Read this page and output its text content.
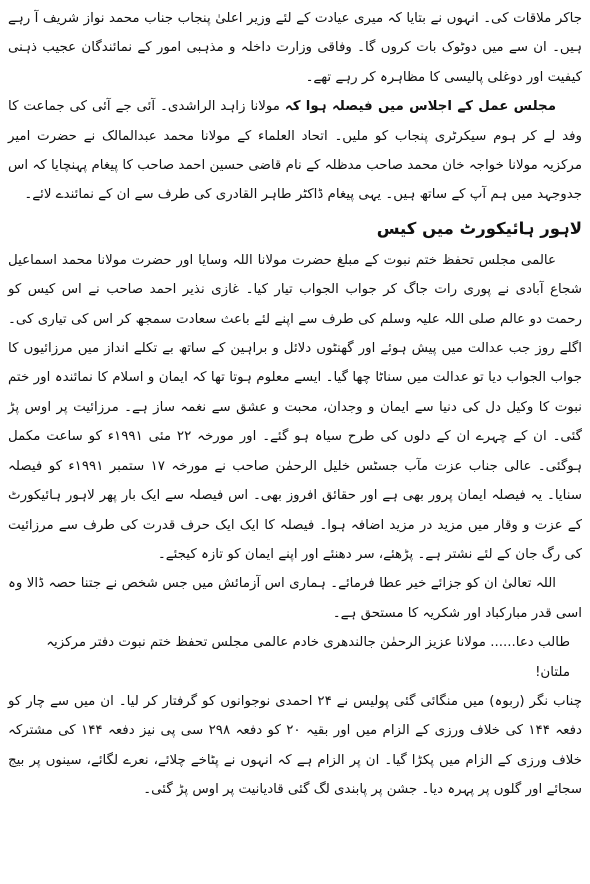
جاکر ملاقات کی۔ انہوں نے بتایا کہ میری عیادت کے لئے وزیر اعلیٰ پنجاب جناب محمد نواز شریف آ رہے ہیں۔ ان سے میں دوٹوک بات کروں گا۔ وفاقی وزارت داخلہ و مذہبی امور کے نمائندگان عجیب ذہنی کیفیت اور دوغلی پالیسی کا مظاہرہ کر رہے تھے۔

مجلس عمل کے اجلاس میں فیصلہ ہوا کہ مولانا زاہد الراشدی۔ آئی جے آئی کی جماعت کا وفد لے کر ہوم سیکرٹری پنجاب کو ملیں۔ اتحاد العلماء کے مولانا محمد عبدالمالک نے حضرت امیر مرکزیہ مولانا خواجہ خان محمد صاحب مدظلہ کے نام قاضی حسین احمد صاحب کا پیغام پہنچایا کہ اس جدوجہد میں ہم آپ کے ساتھ ہیں۔ یہی پیغام ڈاکٹر طاہر القادری کی طرف سے ان کے نمائندے لائے۔

لاہور ہائیکورٹ میں کیس

عالمی مجلس تحفظ ختم نبوت کے مبلغ حضرت مولانا اللہ وسایا اور حضرت مولانا محمد اسماعیل شجاع آبادی نے پوری رات جاگ کر جواب الجواب تیار کیا۔ غازی نذیر احمد صاحب نے اس کیس کو رحمت دو عالم صلی اللہ علیہ وسلم کی طرف سے اپنے لئے باعث سعادت سمجھ کر اس کی تیاری کی۔ اگلے روز جب عدالت میں پیش ہوئے اور گھنٹوں دلائل و براہین کے ساتھ بے تکلے انداز میں مرزائیوں کا جواب الجواب دیا تو عدالت میں سناٹا چھا گیا۔ ایسے معلوم ہوتا تھا کہ ایمان و اسلام کا نمائندہ اور ختم نبوت کا وکیل دل کی دنیا سے ایمان و وجدان، محبت و عشق سے نغمہ ساز ہے۔ مرزائیت پر اوس پڑ گئی۔ ان کے چہرے ان کے دلوں کی طرح سیاہ ہو گئے۔ اور مورخہ ۲۲ مئی ۱۹۹۱ء کو ساعت مکمل ہوگئی۔ عالی جناب عزت مآب جسٹس خلیل الرحمٰن صاحب نے مورخہ ۱۷ ستمبر ۱۹۹۱ء کو فیصلہ سنایا۔ یہ فیصلہ ایمان پرور بھی ہے اور حقائق افروز بھی۔ اس فیصلہ سے ایک بار پھر لاہور ہائیکورٹ کے عزت و وقار میں مزید در مزید اضافہ ہوا۔ فیصلہ کا ایک ایک حرف قدرت کی طرف سے مرزائیت کی رگ جان کے لئے نشتر ہے۔ پڑھئے، سر دھنئے اور اپنے ایمان کو تازہ کیجئے۔

اللہ تعالیٰ ان کو جزائے خیر عطا فرمائے۔ ہماری اس آزمائش میں جس شخص نے جتنا حصہ ڈالا وہ اسی قدر مبارکباد اور شکریہ کا مستحق ہے۔

طالب دعا...... مولانا عزیز الرحمٰن جالندھری خادم عالمی مجلس تحفظ ختم نبوت دفتر مرکزیہ ملتان!

چناب نگر (ربوہ) میں منگائی گئی پولیس نے ۲۴ احمدی نوجوانوں کو گرفتار کر لیا۔ ان میں سے چار کو دفعہ ۱۴۴ کی خلاف ورزی کے الزام میں اور بقیہ ۲۰ کو دفعہ ۲۹۸ سی پی نیز دفعہ ۱۴۴ کی مشترکہ خلاف ورزی کے الزام میں پکڑا گیا۔ ان پر الزام ہے کہ انہوں نے پٹاخے چلائے، نعرے لگائے، سینوں پر بیج سجائے اور گلوں پر پہرہ دیا۔ جشن پر پابندی لگ گئی قادیانیت پر اوس پڑ گئی۔
